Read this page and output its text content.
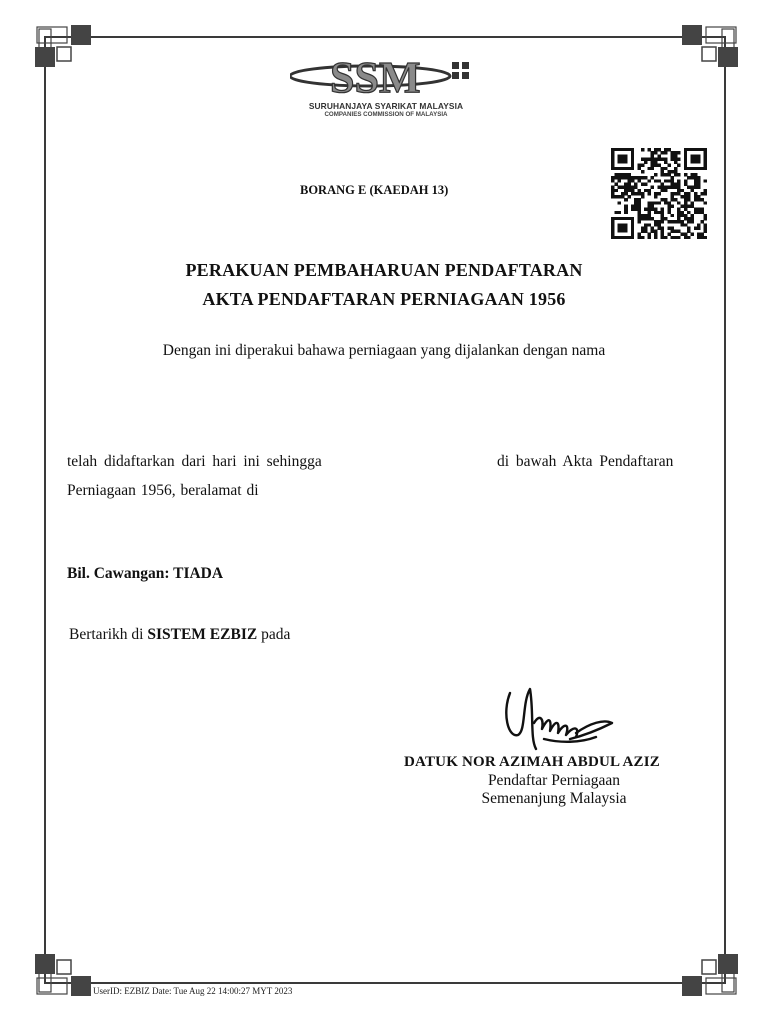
SSM
SURUHANJAYA SYARIKAT MALAYSIA
COMPANIES COMMISSION OF MALAYSIA
BORANG E (KAEDAH 13)
PERAKUAN PEMBAHARUAN PENDAFTARAN
AKTA PENDAFTARAN PERNIAGAAN 1956
Dengan ini diperakui bahawa perniagaan yang dijalankan dengan nama
telah didaftarkan dari hari ini sehingga	di bawah Akta Pendaftaran
Perniagaan 1956, beralamat di
Bil. Cawangan: TIADA
Bertarikh di SISTEM EZBIZ pada
DATUK NOR AZIMAH ABDUL AZIZ
Pendaftar Perniagaan
Semenanjung Malaysia
UserID: EZBIZ Date: Tue Aug 22 14:00:27 MYT 2023
